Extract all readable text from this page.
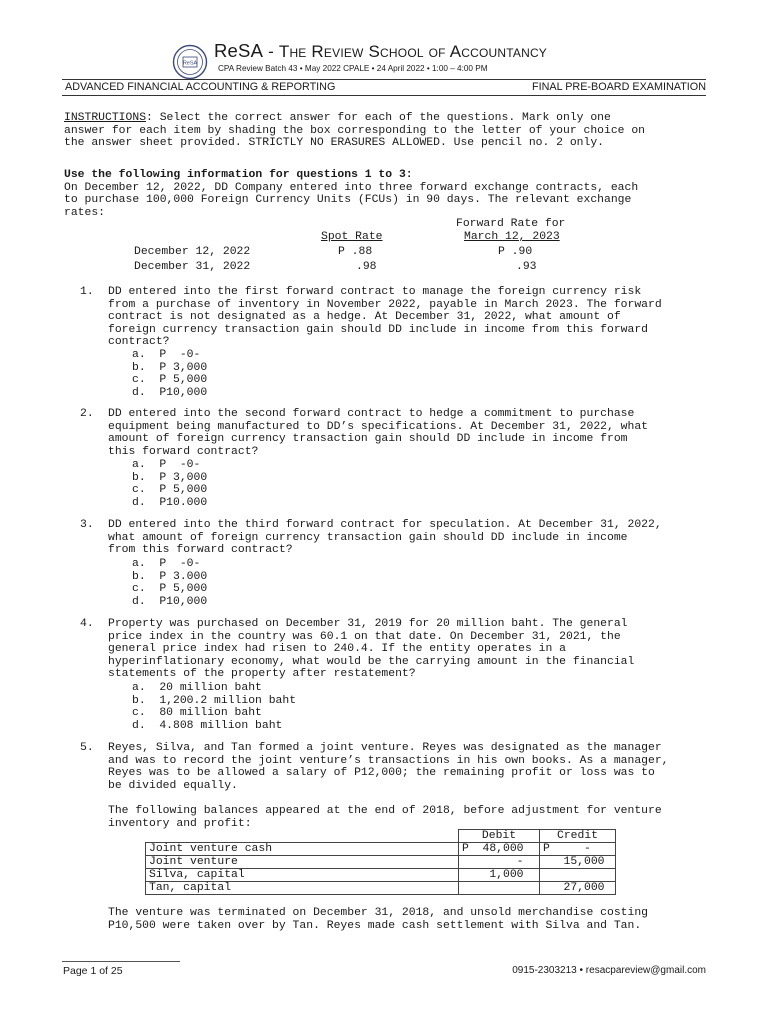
ReSA
ReSA - The Review School of Accountancy
CPA Review Batch 43 • May 2022 CPALE • 24 April 2022 • 1:00 – 4:00 PM
ADVANCED FINANCIAL ACCOUNTING & REPORTING	FINAL PRE-BOARD EXAMINATION
INSTRUCTIONS: Select the correct answer for each of the questions. Mark only one
answer for each item by shading the box corresponding to the letter of your choice on
the answer sheet provided. STRICTLY NO ERASURES ALLOWED. Use pencil no. 2 only.
Use the following information for questions 1 to 3:
On December 12, 2022, DD Company entered into three forward exchange contracts, each
to purchase 100,000 Foreign Currency Units (FCUs) in 90 days. The relevant exchange
rates:
Forward Rate for
Spot Rate	March 12, 2023
December 12, 2022	P .88	P .90
December 31, 2022	.98	.93
1.	DD entered into the first forward contract to manage the foreign currency risk
from a purchase of inventory in November 2022, payable in March 2023. The forward
contract is not designated as a hedge. At December 31, 2022, what amount of
foreign currency transaction gain should DD include in income from this forward
contract?
a.  P  -0-
b.  P 3,000
c.  P 5,000
d.  P10,000
2.	DD entered into the second forward contract to hedge a commitment to purchase
equipment being manufactured to DD’s specifications. At December 31, 2022, what
amount of foreign currency transaction gain should DD include in income from
this forward contract?
a.  P  -0-
b.  P 3,000
c.  P 5,000
d.  P10.000
3.	DD entered into the third forward contract for speculation. At December 31, 2022,
what amount of foreign currency transaction gain should DD include in income
from this forward contract?
a.  P  -0-
b.  P 3.000
c.  P 5,000
d.  P10,000
4.	Property was purchased on December 31, 2019 for 20 million baht. The general
price index in the country was 60.1 on that date. On December 31, 2021, the
general price index had risen to 240.4. If the entity operates in a
hyperinflationary economy, what would be the carrying amount in the financial
statements of the property after restatement?
a.  20 million baht
b.  1,200.2 million baht
c.  80 million baht
d.  4.808 million baht
5.	Reyes, Silva, and Tan formed a joint venture. Reyes was designated as the manager
and was to record the joint venture’s transactions in his own books. As a manager,
Reyes was to be allowed a salary of P12,000; the remaining profit or loss was to
be divided equally.
The following balances appeared at the end of 2018, before adjustment for venture
inventory and profit:
The venture was terminated on December 31, 2018, and unsold merchandise costing
P10,500 were taken over by Tan. Reyes made cash settlement with Silva and Tan.
	Debit	Credit
Joint venture cash	P  48,000	P     -
Joint venture	-	15,000
Silva, capital	1,000	
Tan, capital		27,000
Page 1 of 25	0915-2303213 • resacpareview@gmail.com
